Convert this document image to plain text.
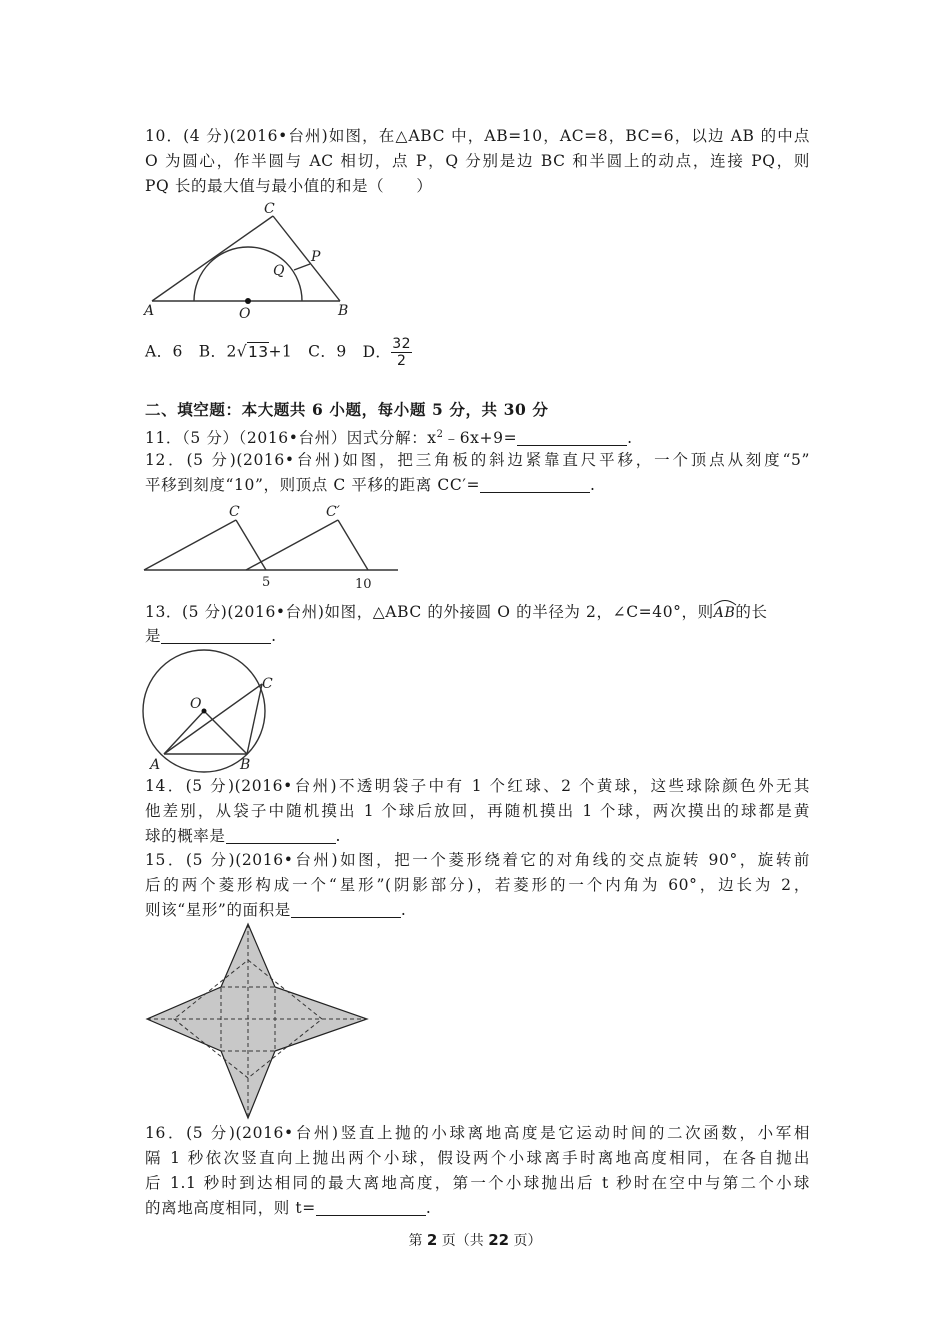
10．(4 分)(2016•台州)如图，在△ABC 中，AB=10，AC=8，BC=6，以边 AB 的中点
O 为圆心，作半圆与 AC 相切，点 P，Q 分别是边 BC 和半圆上的动点，连接 PQ，则
PQ 长的最大值与最小值的和是（　　）
A	B
C
O
P
Q
A．6 B．2√13+1 C．9 D． $\frac{32}{2}$
二、填空题：本大题共 6 小题，每小题 5 分，共 30 分
11．（5 分）（2016•台州）因式分解：$x^2﹣6x+9=$	.
12．(5 分)(2016•台州)如图，把三角板的斜边紧靠直尺平移，一个顶点从刻度“5”
平移到刻度“10”，则顶点 C 平移的距离 CC′=	.
C	C′
5	10
13．(5 分)(2016•台州)如图，△ABC 的外接圆 O 的半径为 2，∠C=40°，则
AB的长
是	.
O
C
A	B
14．(5 分)(2016•台州)不透明袋子中有 1 个红球、2 个黄球，这些球除颜色外无其
他差别，从袋子中随机摸出 1 个球后放回，再随机摸出 1 个球，两次摸出的球都是黄
球的概率是	.
15．(5 分)(2016•台州)如图，把一个菱形绕着它的对角线的交点旋转 90°，旋转前
后的两个菱形构成一个“星形”(阴影部分)，若菱形的一个内角为 60°，边长为 2，
则该“星形”的面积是	.
16．(5 分)(2016•台州)竖直上抛的小球离地高度是它运动时间的二次函数，小军相
隔 1 秒依次竖直向上抛出两个小球，假设两个小球离手时离地高度相同，在各自抛出
后 1.1 秒时到达相同的最大离地高度，第一个小球抛出后 t 秒时在空中与第二个小球
的离地高度相同，则 t=	.
第 2 页（共 22 页）
